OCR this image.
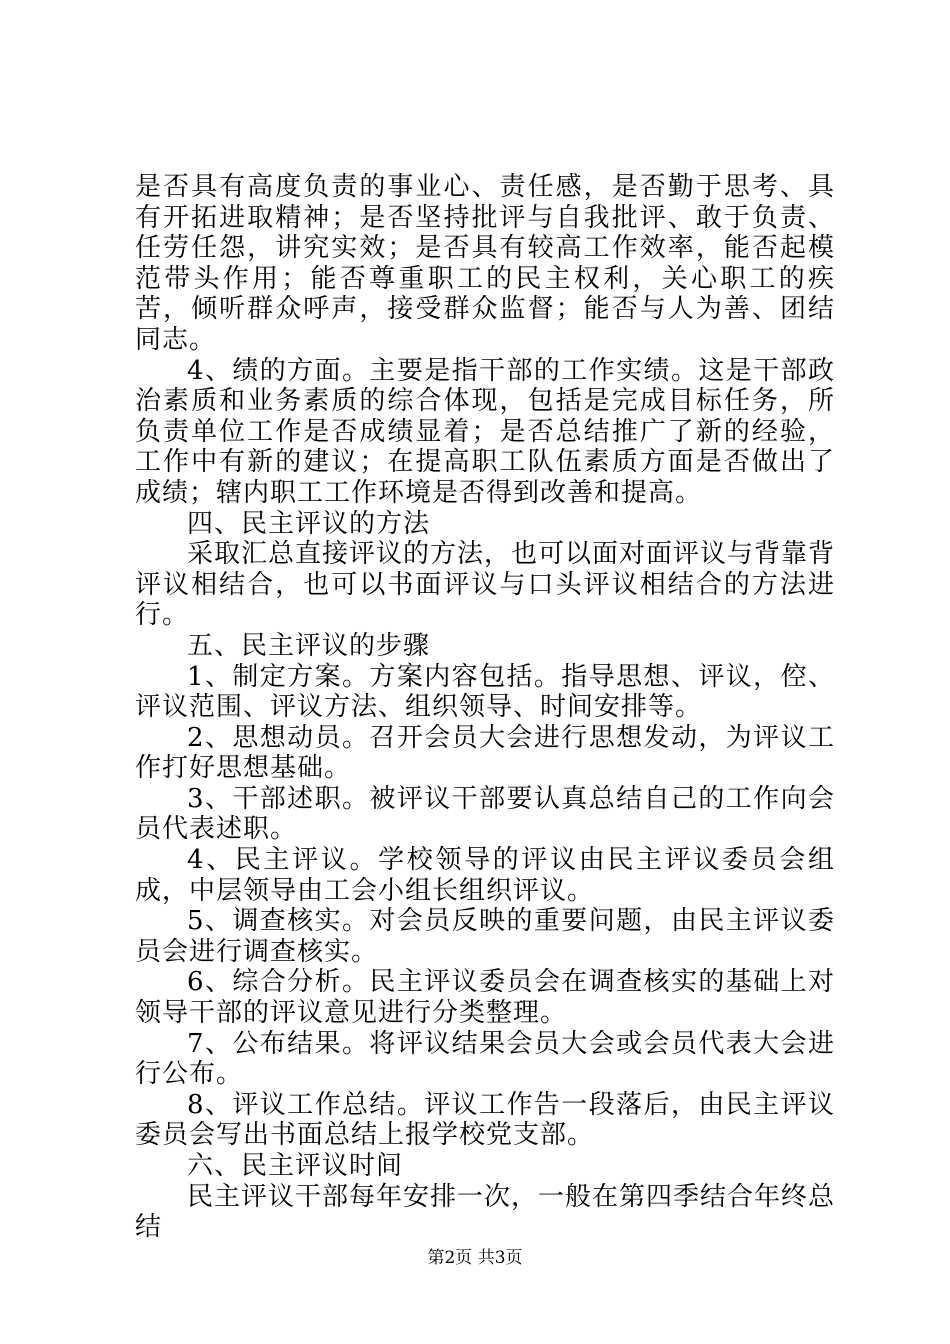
是否具有高度负责的事业心、责任感，是否勤于思考、具有开拓进取精神；是否坚持批评与自我批评、敢于负责、任劳任怨，讲究实效；是否具有较高工作效率，能否起模范带头作用；能否尊重职工的民主权利，关心职工的疾苦，倾听群众呼声，接受群众监督；能否与人为善、团结同志。

4、绩的方面。主要是指干部的工作实绩。这是干部政治素质和业务素质的综合体现，包括是完成目标任务，所负责单位工作是否成绩显着；是否总结推广了新的经验，工作中有新的建议；在提高职工队伍素质方面是否做出了成绩；辖内职工工作环境是否得到改善和提高。

四、民主评议的方法

采取汇总直接评议的方法，也可以面对面评议与背靠背评议相结合，也可以书面评议与口头评议相结合的方法进行。

五、民主评议的步骤

1、制定方案。方案内容包括。指导思想、评议，倥、评议范围、评议方法、组织领导、时间安排等。

2、思想动员。召开会员大会进行思想发动，为评议工作打好思想基础。

3、干部述职。被评议干部要认真总结自己的工作向会员代表述职。

4、民主评议。学校领导的评议由民主评议委员会组成，中层领导由工会小组长组织评议。

5、调查核实。对会员反映的重要问题，由民主评议委员会进行调查核实。

6、综合分析。民主评议委员会在调查核实的基础上对领导干部的评议意见进行分类整理。

7、公布结果。将评议结果会员大会或会员代表大会进行公布。

8、评议工作总结。评议工作告一段落后，由民主评议委员会写出书面总结上报学校党支部。

六、民主评议时间

民主评议干部每年安排一次，一般在第四季结合年终总结

第2页 共3页
